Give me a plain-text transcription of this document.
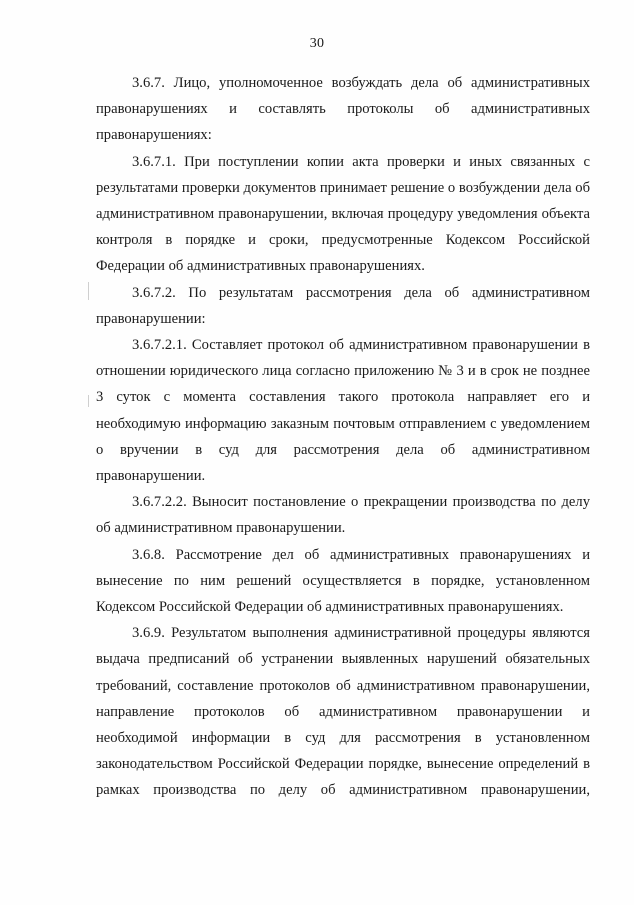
30

3.6.7. Лицо, уполномоченное возбуждать дела об административных правонарушениях и составлять протоколы об административных правонарушениях:

3.6.7.1. При поступлении копии акта проверки и иных связанных с результатами проверки документов принимает решение о возбуждении дела об административном правонарушении, включая процедуру уведомления объекта контроля в порядке и сроки, предусмотренные Кодексом Российской Федерации об административных правонарушениях.

3.6.7.2. По результатам рассмотрения дела об административном правонарушении:

3.6.7.2.1. Составляет протокол об административном правонарушении в отношении юридического лица согласно приложению № 3 и в срок не позднее 3 суток с момента составления такого протокола направляет его и необходимую информацию заказным почтовым отправлением с уведомлением о вручении в суд для рассмотрения дела об административном правонарушении.

3.6.7.2.2. Выносит постановление о прекращении производства по делу об административном правонарушении.

3.6.8. Рассмотрение дел об административных правонарушениях и вынесение по ним решений осуществляется в порядке, установленном Кодексом Российской Федерации об административных правонарушениях.

3.6.9. Результатом выполнения административной процедуры являются выдача предписаний об устранении выявленных нарушений обязательных требований, составление протоколов об административном правонарушении, направление протоколов об административном правонарушении и необходимой информации в суд для рассмотрения в установленном законодательством Российской Федерации порядке, вынесение определений в рамках производства по делу об административном правонарушении,
